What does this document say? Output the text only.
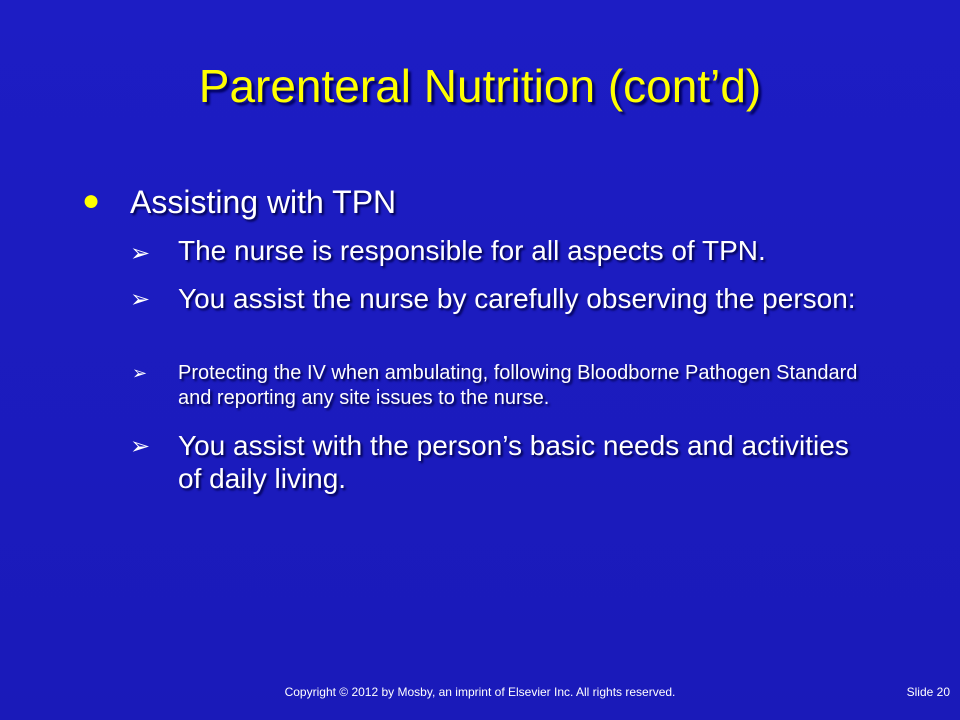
Parenteral Nutrition (cont’d)
● Assisting with TPN
➢ The nurse is responsible for all aspects of TPN.
➢ You assist the nurse by carefully observing the person:
➢ Protecting the IV when ambulating, following Bloodborne Pathogen Standard and reporting any site issues to the nurse.
➢ You assist with the person’s basic needs and activities of daily living.
Copyright © 2012 by Mosby, an imprint of Elsevier Inc. All rights reserved.	Slide 20
